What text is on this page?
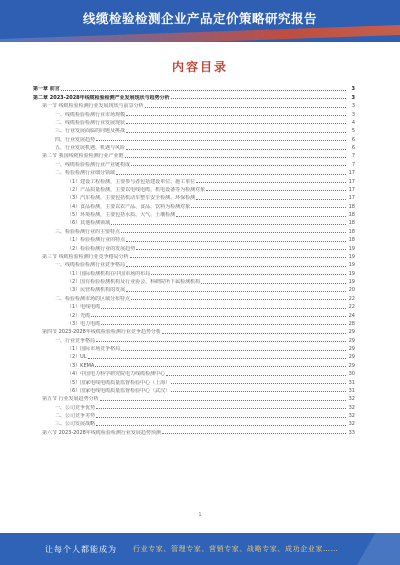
线缆检验检测企业产品定价策略研究报告
内容目录
第一章 前言	3
第二章 2023-2028年线缆检验检测产业发展现状与趋势分析	3
第一节 线缆检验检测行业发展现状与前景分析	3
一、线缆检验检测行业市场规模	3
二、线缆检验检测行业发展现状	4
三、行业发展面临的问题及挑战	5
四、行业发展趋势	6
五、行业发展机遇、机遇与风险	6
第二节 我国线缆检验检测行业产业链	7
一、线缆检验检测行业产业链构成	7
二、检验检测行业细分领域	17
（1）建设工程检测，主要参与者包括建设单位、施工单位	17
（2）产品质量检测，主要以电线电缆、机电设备等为检测对象	17
（3）汽车检测，主要包括机动车整车安全检测、环保检测	17
（4）食品检测，主要以农产品、食品、饮料为检测对象	18
（5）环境检测，主要包括水质、大气、土壤检测	18
（6）其他检测领域	18
三、检验检测行业的主要特点	18
（1）检验检测行业的特点	18
（2）检验检测行业的发展趋势	19
第三节 线缆检验检测行业竞争格局分析	19
一、线缆检验检测行业竞争格局	19
（1）国际检测机构在中国市场的布局	19
（2）国有检验检测机构及行业协会、科研院所下属检测机构	19
（3）民营检测机构的发展	20
二、检验检测市场的区域分布特点	22
（1）电线电缆	22
（2）光缆	24
（3）电力电缆	28
第四节 2023-2028年线缆检验检测行业竞争趋势分析	29
一、行业竞争格局	29
（1）国际市场竞争格局	29
（2）UL	29
（3）KEMA	29
（4）中国电力科学研究院电力线缆检测中心	30
（5）国家电线电缆质量监督检验中心（上海）	31
（6）国家电线电缆质量监督检验中心（武汉）	31
第五节 行业发展趋势分析	32
一、公司竞争优势	32
二、公司竞争劣势	32
三、公司发展战略	32
第六节 2023-2028年线缆检验检测行业发展趋势预测	33
1
让每个人都能成为 行业专家、管理专家、营销专家、战略专家、成功企业家……
